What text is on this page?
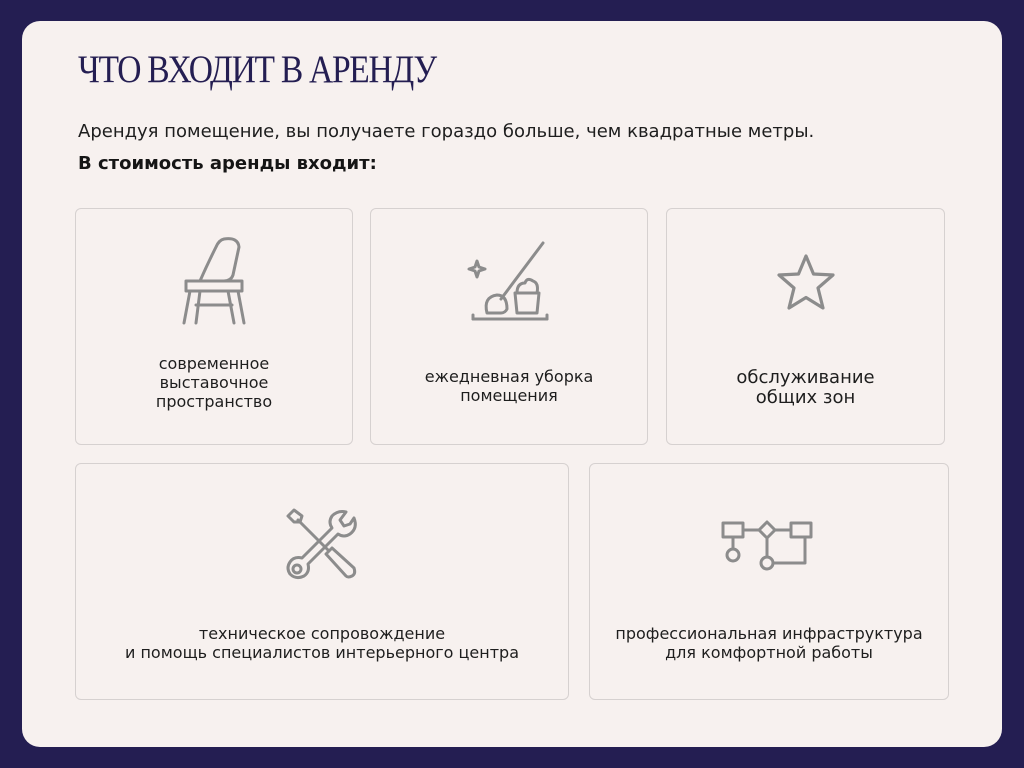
ЧТО ВХОДИТ В АРЕНДУ

Арендуя помещение, вы получаете гораздо больше, чем квадратные метры.

В стоимость аренды входит:

современное
выставочное
пространство
ежедневная уборка
помещения
обслуживание
общих зон
техническое сопровождение
и помощь специалистов интерьерного центра
профессиональная инфраструктура
для комфортной работы
